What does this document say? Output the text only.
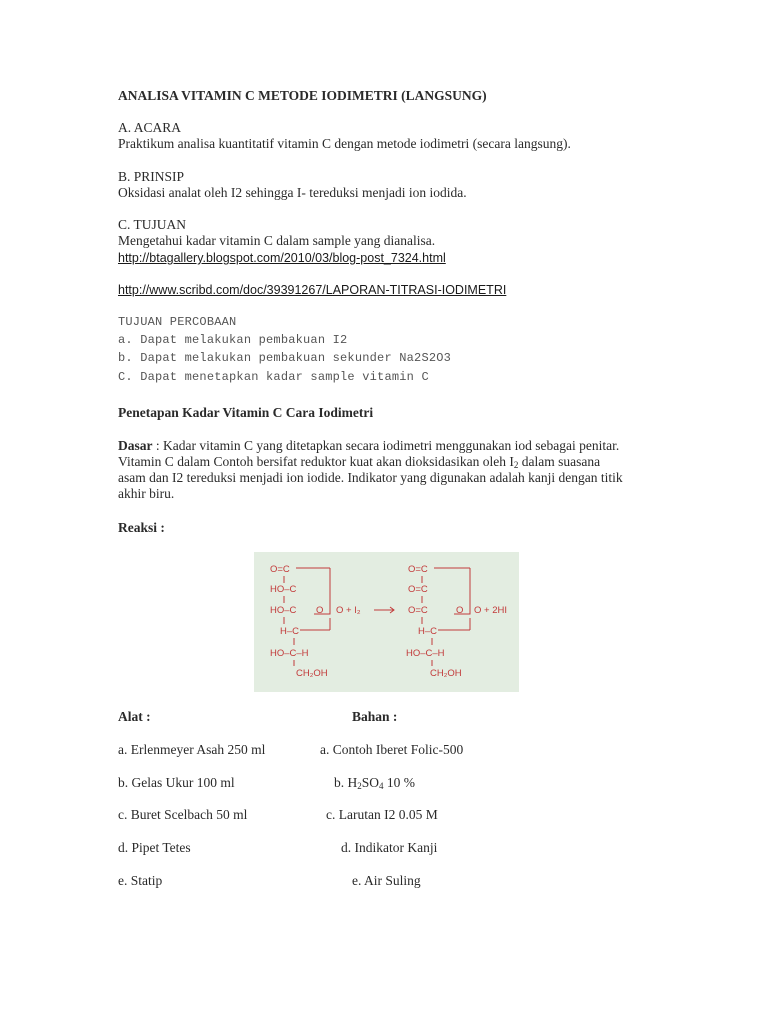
ANALISA VITAMIN C METODE IODIMETRI (LANGSUNG)
A. ACARA
Praktikum analisa kuantitatif vitamin C dengan metode iodimetri (secara langsung).
B. PRINSIP
Oksidasi analat oleh I2 sehingga I- tereduksi menjadi ion iodida.
C. TUJUAN
Mengetahui kadar vitamin C dalam sample yang dianalisa.
http://btagallery.blogspot.com/2010/03/blog-post_7324.html
http://www.scribd.com/doc/39391267/LAPORAN-TITRASI-IODIMETRI
TUJUAN PERCOBAAN
a. Dapat melakukan pembakuan I2
b. Dapat melakukan pembakuan sekunder Na2S2O3
C. Dapat menetapkan kadar sample vitamin C
Penetapan Kadar Vitamin C Cara Iodimetri
Dasar : Kadar vitamin C yang ditetapkan secara iodimetri menggunakan iod sebagai penitar.
Vitamin C dalam Contoh bersifat reduktor kuat akan dioksidasikan oleh $I_2$ dalam suasana
asam dan I2 tereduksi menjadi ion iodide. Indikator yang digunakan adalah kanji dengan titik
akhir biru.
Reaksi :
O=C
HO–C
HO–C O
H–C
HO–C–H
CH₂OH
O + I₂
O=C
O=C
O=C	O
H–C
HO–C–H
CH₂OH
O + 2HI
Alat :	Bahan :
a. Erlenmeyer Asah 250 ml
b. Gelas Ukur 100 ml
c. Buret Scelbach 50 ml
d. Pipet Tetes
e. Statip
a. Contoh Iberet Folic-500
b. $H_2SO_4$ 10 %
c. Larutan I2 0.05 M
d. Indikator Kanji
e. Air Suling
